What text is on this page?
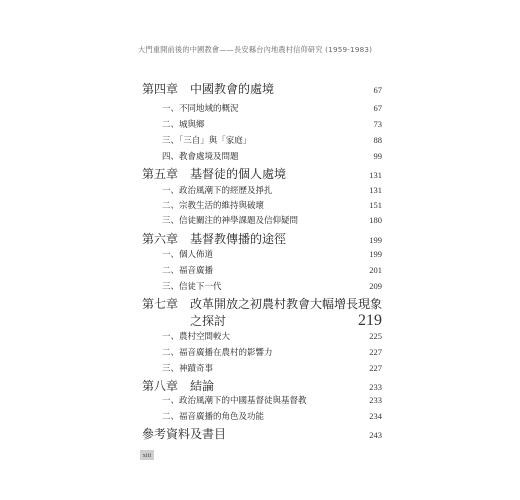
大門重開前後的中國教會——長安縣台內地農村信仰研究 (1959-1983)
第四章　中國教會的處境	67
一、不同地域的概況	67
二、城與鄉	73
三、「三自」與「家庭」	88
四、教會處境及問題	99
第五章　基督徒的個人處境	131
一、政治風潮下的經歷及掙扎	131
二、宗教生活的維持與破壞	151
三、信徒關注的神學課題及信仰疑問	180
第六章　基督教傳播的途徑	199
一、個人佈道	199
二、福音廣播	201
三、信徒下一代	209
第七章　改革開放之初農村教會大幅增長現象
之探討	219
一、農村空間較大	225
二、福音廣播在農村的影響力	227
三、神蹟奇事	227
第八章　結論	233
一、政治風潮下的中國基督徒與基督教	233
二、福音廣播的角色及功能	234
參考資料及書目	243
xiii
